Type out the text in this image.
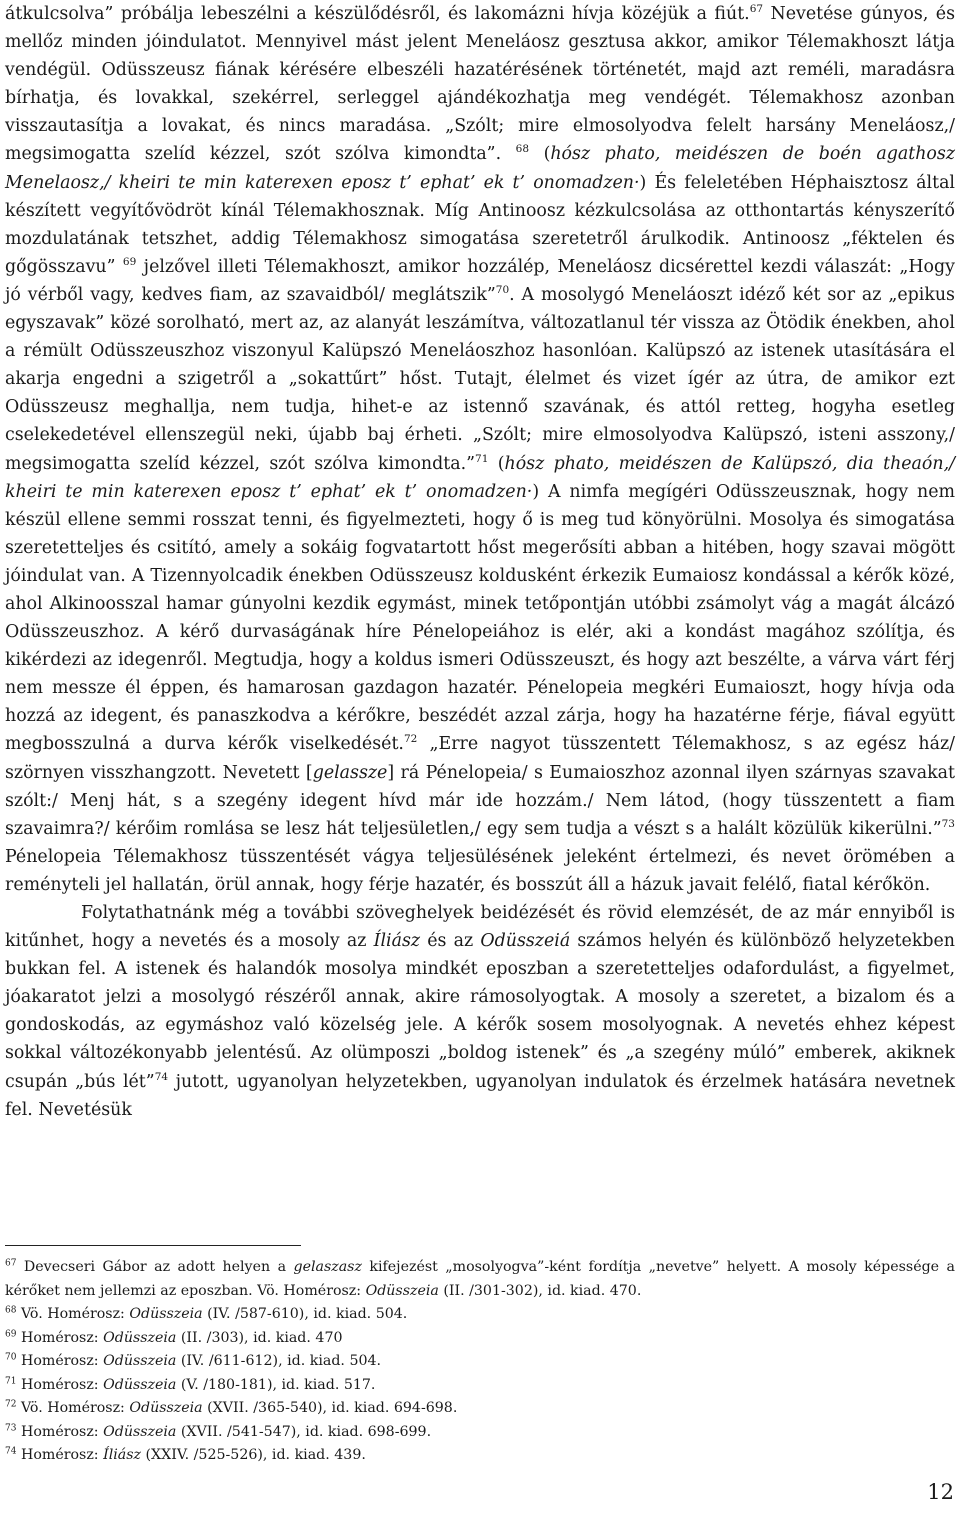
átkulcsolva” próbálja lebeszélni a készülődésről, és lakomázni hívja közéjük a fiút.$^{67}$ Nevetése gúnyos, és mellőz minden jóindulatot. Mennyivel mást jelent Meneláosz gesztusa akkor, amikor Télemakhoszt látja vendégül. Odüsszeusz fiának kérésére elbeszéli hazatérésének történetét, majd azt reméli, maradásra bírhatja, és lovakkal, szekérrel, serleggel ajándékozhatja meg vendégét. Télemakhosz azonban visszautasítja a lovakat, és nincs maradása. „Szólt; mire elmosolyodva felelt harsány Meneláosz,/ megsimogatta szelíd kézzel, szót szólva kimondta”. $^{68}$ (hósz phato, meidészen de boén agathosz Menelaosz,/ kheiri te min katerexen eposz t’ ephat’ ek t’ onomadzen·) És feleletében Héphaisztosz által készített vegyítővödröt kínál Télemakhosznak. Míg Antinoosz kézkulcsolása az otthontartás kényszerítő mozdulatának tetszhet, addig Télemakhosz simogatása szeretetről árulkodik. Antinoosz „féktelen és gőgösszavu” $^{69}$ jelzővel illeti Télemakhoszt, amikor hozzálép, Meneláosz dicsérettel kezdi válaszát: „Hogy jó vérből vagy, kedves fiam, az szavaidból/ meglátszik”$^{70}$. A mosolygó Meneláoszt idéző két sor az „epikus egyszavak” közé sorolható, mert az, az alanyát leszámítva, változatlanul tér vissza az Ötödik énekben, ahol a rémült Odüsszeuszhoz viszonyul Kalüpszó Meneláoszhoz hasonlóan. Kalüpszó az istenek utasítására el akarja engedni a szigetről a „sokattűrt” hőst. Tutajt, élelmet és vizet ígér az útra, de amikor ezt Odüsszeusz meghallja, nem tudja, hihet-e az istennő szavának, és attól retteg, hogyha esetleg cselekedetével ellenszegül neki, újabb baj érheti. „Szólt; mire elmosolyodva Kalüpszó, isteni asszony,/ megsimogatta szelíd kézzel, szót szólva kimondta.”$^{71}$ (hósz phato, meidészen de Kalüpszó, dia theaón,/ kheiri te min katerexen eposz t’ ephat’ ek t’ onomadzen·) A nimfa megígéri Odüsszeusznak, hogy nem készül ellene semmi rosszat tenni, és figyelmezteti, hogy ő is meg tud könyörülni. Mosolya és simogatása szeretetteljes és csitító, amely a sokáig fogvatartott hőst megerősíti abban a hitében, hogy szavai mögött jóindulat van. A Tizennyolcadik énekben Odüsszeusz koldusként érkezik Eumaiosz kondással a kérők közé, ahol Alkinoosszal hamar gúnyolni kezdik egymást, minek tetőpontján utóbbi zsámolyt vág a magát álcázó Odüsszeuszhoz. A kérő durvaságának híre Pénelopeiához is elér, aki a kondást magához szólítja, és kikérdezi az idegenről. Megtudja, hogy a koldus ismeri Odüsszeuszt, és hogy azt beszélte, a várva várt férj nem messze él éppen, és hamarosan gazdagon hazatér. Pénelopeia megkéri Eumaioszt, hogy hívja oda hozzá az idegent, és panaszkodva a kérőkre, beszédét azzal zárja, hogy ha hazatérne férje, fiával együtt megbosszulná a durva kérők viselkedését.$^{72}$ „Erre nagyot tüsszentett Télemakhosz, s az egész ház/ szörnyen visszhangzott. Nevetett [gelassze] rá Pénelopeia/ s Eumaioszhoz azonnal ilyen szárnyas szavakat szólt:/ Menj hát, s a szegény idegent hívd már ide hozzám./ Nem látod, (hogy tüsszentett a fiam szavaimra?/ kérőim romlása se lesz hát teljesületlen,/ egy sem tudja a vészt s a halált közülük kikerülni.”$^{73}$ Pénelopeia Télemakhosz tüsszentését vágya teljesülésének jeleként értelmezi, és nevet örömében a reményteli jel hallatán, örül annak, hogy férje hazatér, és bosszút áll a házuk javait felélő, fiatal kérőkön.

Folytathatnánk még a további szöveghelyek beidézését és rövid elemzését, de az már ennyiből is kitűnhet, hogy a nevetés és a mosoly az Íliász és az Odüsszeiá számos helyén és különböző helyzetekben bukkan fel. A istenek és halandók mosolya mindkét eposzban a szeretetteljes odafordulást, a figyelmet, jóakaratot jelzi a mosolygó részéről annak, akire rámosolyogtak. A mosoly a szeretet, a bizalom és a gondoskodás, az egymáshoz való közelség jele. A kérők sosem mosolyognak. A nevetés ehhez képest sokkal változékonyabb jelentésű. Az olümposzi „boldog istenek” és „a szegény múló” emberek, akiknek csupán „bús lét”$^{74}$ jutott, ugyanolyan helyzetekben, ugyanolyan indulatok és érzelmek hatására nevetnek fel. Nevetésük

$^{67}$ Devecseri Gábor az adott helyen a gelaszasz kifejezést „mosolyogva”-ként fordítja „nevetve” helyett. A mosoly képessége a kérőket nem jellemzi az eposzban. Vö. Homérosz: Odüsszeia (II. /301-302), id. kiad. 470.

$^{68}$ Vö. Homérosz: Odüsszeia (IV. /587-610), id. kiad. 504.

$^{69}$ Homérosz: Odüsszeia (II. /303), id. kiad. 470

$^{70}$ Homérosz: Odüsszeia (IV. /611-612), id. kiad. 504.

$^{71}$ Homérosz: Odüsszeia (V. /180-181), id. kiad. 517.

$^{72}$ Vö. Homérosz: Odüsszeia (XVII. /365-540), id. kiad. 694-698.

$^{73}$ Homérosz: Odüsszeia (XVII. /541-547), id. kiad. 698-699.

$^{74}$ Homérosz: Íliász (XXIV. /525-526), id. kiad. 439.

12
